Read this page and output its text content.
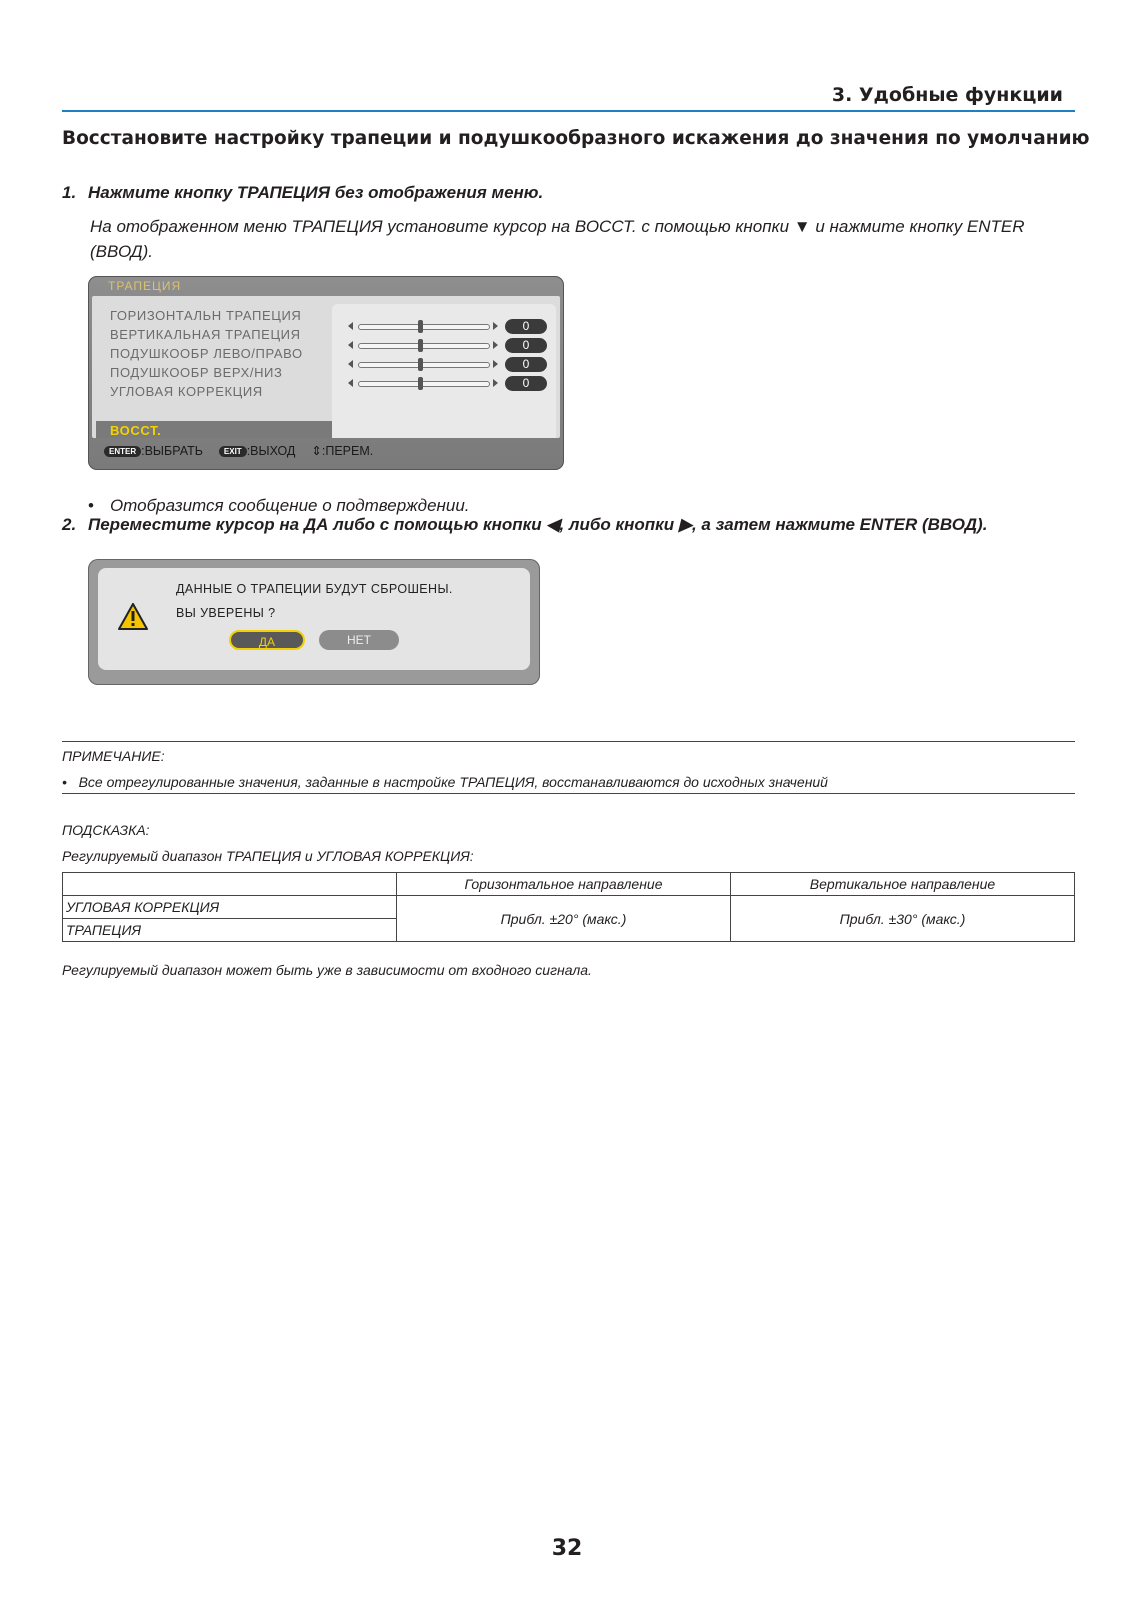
3. Удобные функции
Восстановите настройку трапеции и подушкообразного искажения до значения по умолчанию
1. Нажмите кнопку ТРАПЕЦИЯ без отображения меню.
На отображенном меню ТРАПЕЦИЯ установите курсор на ВОССТ. с помощью кнопки ▼ и нажмите кнопку ENTER (ВВОД).
ТРАПЕЦИЯ
0
0
0
0
ГОРИЗОНТАЛЬН ТРАПЕЦИЯ
ВЕРТИКАЛЬНАЯ ТРАПЕЦИЯ
ПОДУШКООБР ЛЕВО/ПРАВО
ПОДУШКООБР ВЕРХ/НИЗ
УГЛОВАЯ КОРРЕКЦИЯ
ВОССТ.
ENTER :ВЫБРАТЬ	EXIT :ВЫХОД ⇕:ПЕРЕМ.
• Отобразится сообщение о подтверждении.
2. Переместите курсор на ДА либо с помощью кнопки ◀, либо кнопки ▶, а затем нажмите ENTER (ВВОД).
ДАННЫЕ О ТРАПЕЦИИ БУДУТ СБРОШЕНЫ.
ВЫ УВЕРЕНЫ ?
ДА	НЕТ
ПРИМЕЧАНИЕ:
•   Все отрегулированные значения, заданные в настройке ТРАПЕЦИЯ, восстанавливаются до исходных значений
ПОДСКАЗКА:
Регулируемый диапазон ТРАПЕЦИЯ и УГЛОВАЯ КОРРЕКЦИЯ:
	Горизонтальное направление	Вертикальное направление
УГЛОВАЯ КОРРЕКЦИЯ	Прибл. ±20° (макс.)	Прибл. ±30° (макс.)
ТРАПЕЦИЯ		
Регулируемый диапазон может быть уже в зависимости от входного сигнала.
32
